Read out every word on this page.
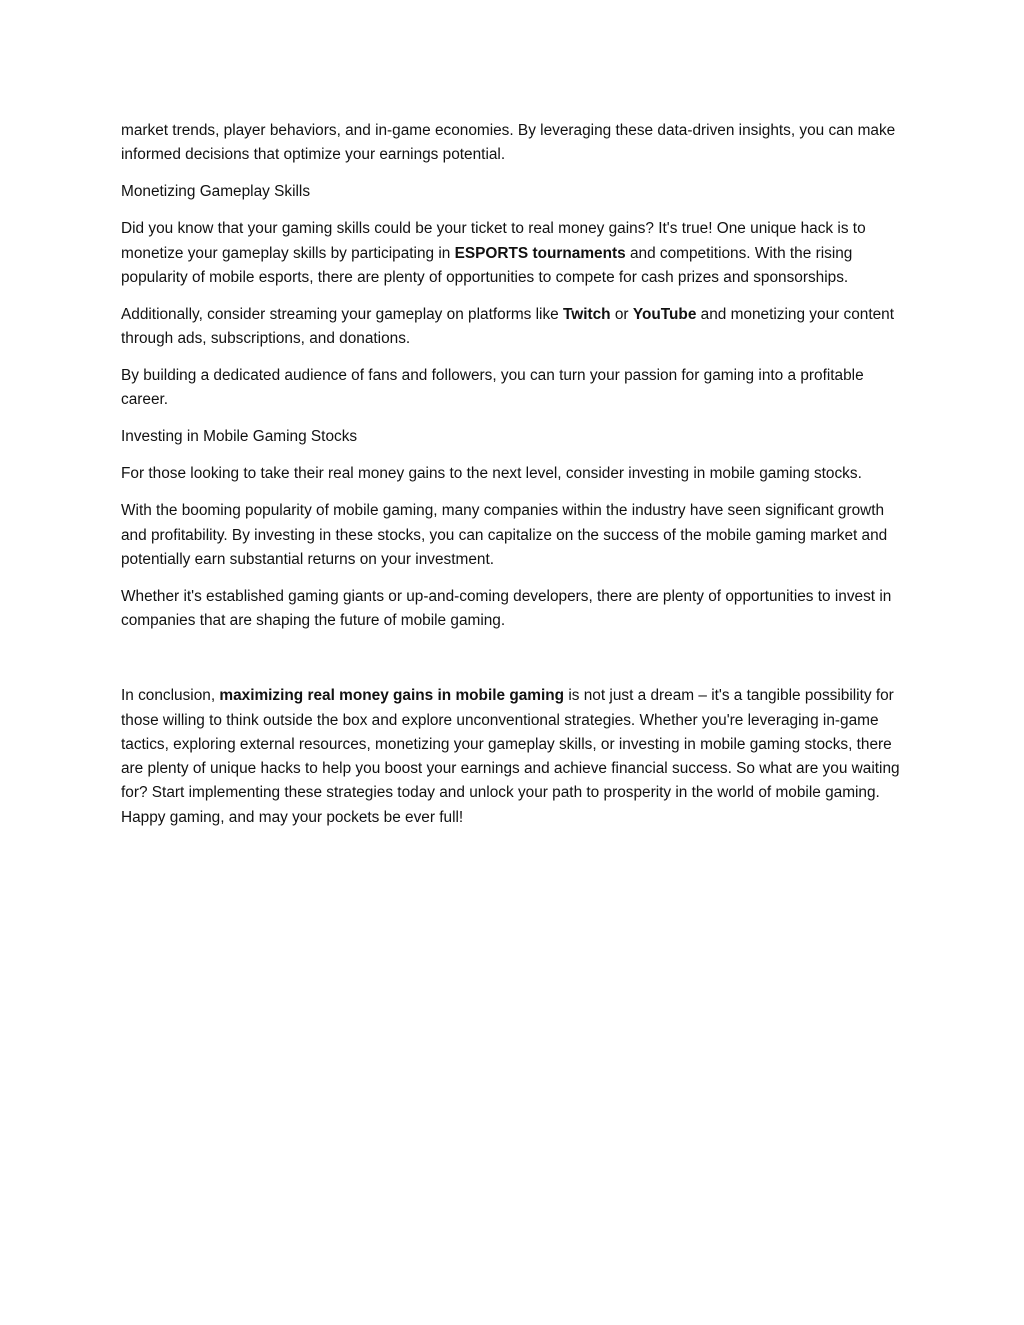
market trends, player behaviors, and in-game economies. By leveraging these data-driven insights, you can make informed decisions that optimize your earnings potential.

Monetizing Gameplay Skills

Did you know that your gaming skills could be your ticket to real money gains? It's true! One unique hack is to monetize your gameplay skills by participating in ESPORTS tournaments and competitions. With the rising popularity of mobile esports, there are plenty of opportunities to compete for cash prizes and sponsorships.

Additionally, consider streaming your gameplay on platforms like Twitch or YouTube and monetizing your content through ads, subscriptions, and donations.

By building a dedicated audience of fans and followers, you can turn your passion for gaming into a profitable career.

Investing in Mobile Gaming Stocks

For those looking to take their real money gains to the next level, consider investing in mobile gaming stocks.

With the booming popularity of mobile gaming, many companies within the industry have seen significant growth and profitability. By investing in these stocks, you can capitalize on the success of the mobile gaming market and potentially earn substantial returns on your investment.

Whether it's established gaming giants or up-and-coming developers, there are plenty of opportunities to invest in companies that are shaping the future of mobile gaming.

In conclusion, maximizing real money gains in mobile gaming is not just a dream – it's a tangible possibility for those willing to think outside the box and explore unconventional strategies. Whether you're leveraging in-game tactics, exploring external resources, monetizing your gameplay skills, or investing in mobile gaming stocks, there are plenty of unique hacks to help you boost your earnings and achieve financial success. So what are you waiting for? Start implementing these strategies today and unlock your path to prosperity in the world of mobile gaming. Happy gaming, and may your pockets be ever full!
